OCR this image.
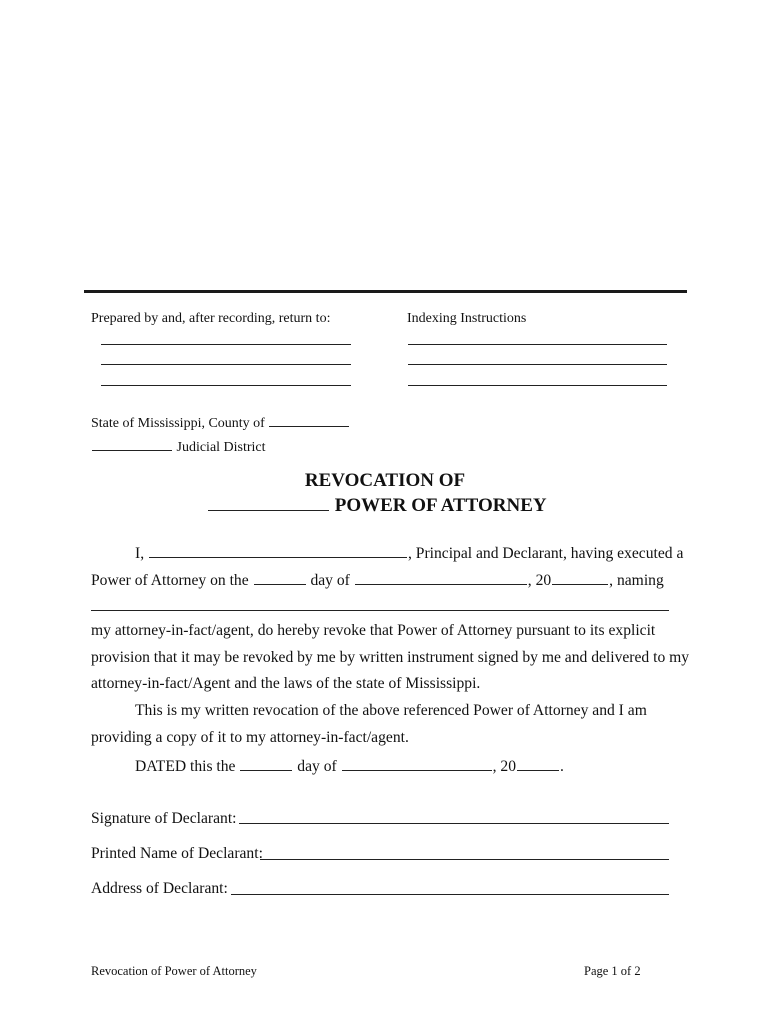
Prepared by and, after recording, return to:	Indexing Instructions
State of Mississippi, County of
Judicial District
REVOCATION OF
POWER OF ATTORNEY
I,	, Principal and Declarant, having executed a
Power of Attorney on the	day of	, 20	, naming
my attorney-in-fact/agent, do hereby revoke that Power of Attorney pursuant to its explicit
provision that it may be revoked by me by written instrument signed by me and delivered to my
attorney-in-fact/Agent and the laws of the state of Mississippi.
This is my written revocation of the above referenced Power of Attorney and I am
providing a copy of it to my attorney-in-fact/agent.
DATED this the	day of	, 20	.
Signature of Declarant:
Printed Name of Declarant:
Address of Declarant:
Revocation of Power of Attorney	Page 1 of 2
